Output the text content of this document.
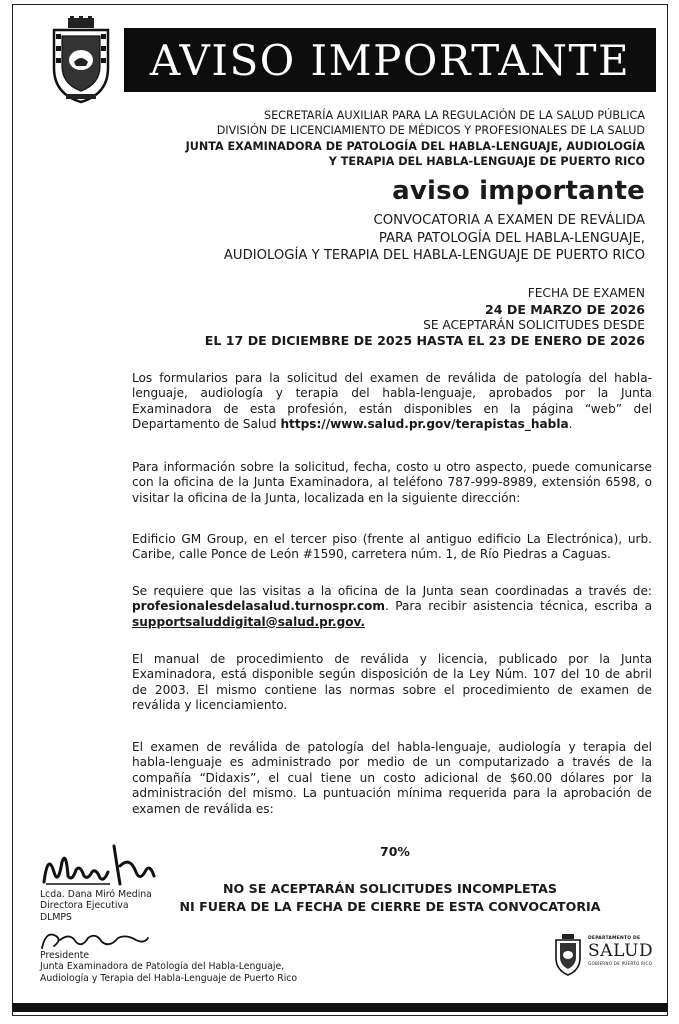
AVISO IMPORTANTE
SECRETARÍA AUXILIAR PARA LA REGULACIÓN DE LA SALUD PÚBLICA
DIVISIÓN DE LICENCIAMIENTO DE MÉDICOS Y PROFESIONALES DE LA SALUD
JUNTA EXAMINADORA DE PATOLOGÍA DEL HABLA-LENGUAJE, AUDIOLOGÍA
Y TERAPIA DEL HABLA-LENGUAJE DE PUERTO RICO
aviso importante
CONVOCATORIA A EXAMEN DE REVÁLIDA
PARA PATOLOGÍA DEL HABLA-LENGUAJE,
AUDIOLOGÍA Y TERAPIA DEL HABLA-LENGUAJE DE PUERTO RICO
FECHA DE EXAMEN
24 DE MARZO DE 2026
SE ACEPTARÁN SOLICITUDES DESDE
EL 17 DE DICIEMBRE DE 2025 HASTA EL 23 DE ENERO DE 2026

Los formularios para la solicitud del examen de reválida de patología del habla-lenguaje, audiología y terapia del habla-lenguaje, aprobados por la Junta Examinadora de esta profesión, están disponibles en la página “web” del Departamento de Salud https://www.salud.pr.gov/terapistas_habla.

Para información sobre la solicitud, fecha, costo u otro aspecto, puede comunicarse con la oficina de la Junta Examinadora, al teléfono 787-999-8989, extensión 6598, o visitar la oficina de la Junta, localizada en la siguiente dirección:

Edificio GM Group, en el tercer piso (frente al antiguo edificio La Electrónica), urb. Caribe, calle Ponce de León #1590, carretera núm. 1, de Río Piedras a Caguas.

Se requiere que las visitas a la oficina de la Junta sean coordinadas a través de: profesionalesdelasalud.turnospr.com. Para recibir asistencia técnica, escriba a supportsaluddigital@salud.pr.gov.

El manual de procedimiento de reválida y licencia, publicado por la Junta Examinadora, está disponible según disposición de la Ley Núm. 107 del 10 de abril de 2003. El mismo contiene las normas sobre el procedimiento de examen de reválida y licenciamiento.

El examen de reválida de patología del habla-lenguaje, audiología y terapia del habla-lenguaje es administrado por medio de un computarizado a través de la compañía “Didaxis”, el cual tiene un costo adicional de $60.00 dólares por la administración del mismo. La puntuación mínima requerida para la aprobación de examen de reválida es:

70%
NO SE ACEPTARÁN SOLICITUDES INCOMPLETAS
NI FUERA DE LA FECHA DE CIERRE DE ESTA CONVOCATORIA
Lcda. Dana Miró Medina
Directora Ejecutiva
DLMPS
Presidente
Junta Examinadora de Patología del Habla-Lenguaje,
Audiología y Terapia del Habla-Lenguaje de Puerto Rico
DEPARTAMENTO DE
SALUD
GOBIERNO DE PUERTO RICO
